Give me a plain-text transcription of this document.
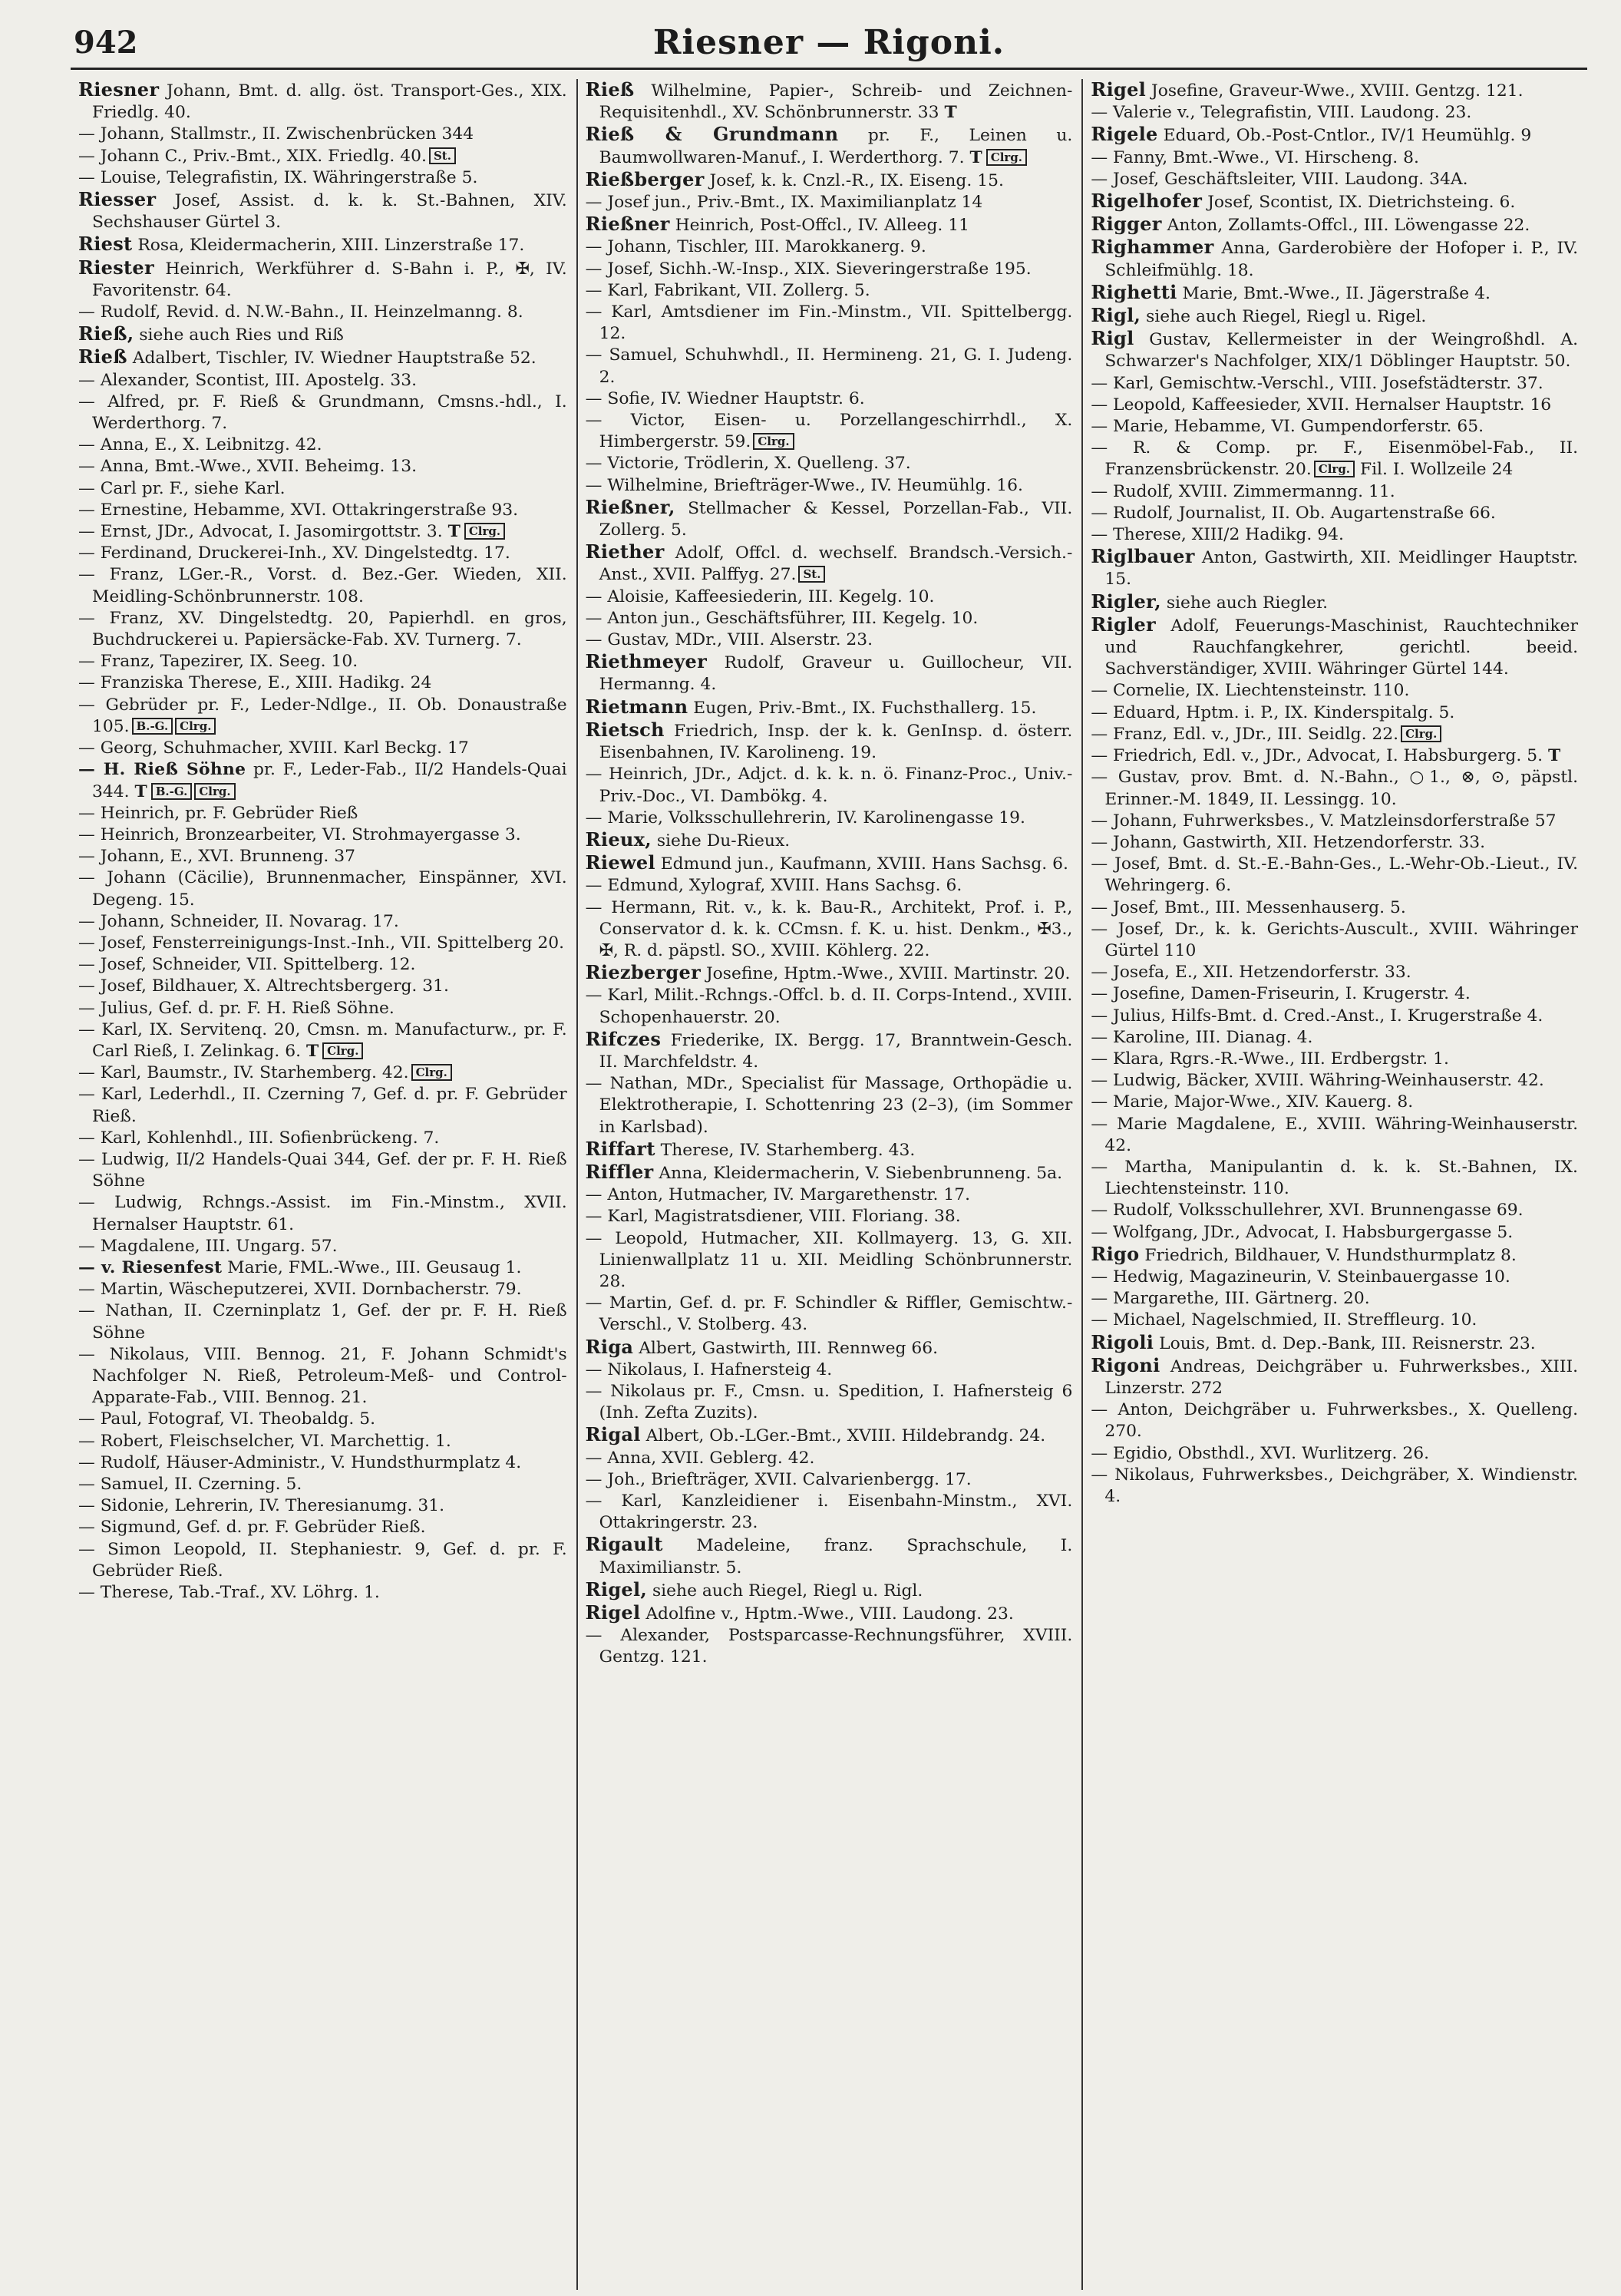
942	Riesner — Rigoni.

Riesner Johann, Bmt. d. allg. öst. Transport-Ges., XIX. Friedlg. 40.

— Johann, Stallmstr., II. Zwischenbrücken 344

— Johann C., Priv.-Bmt., XIX. Friedlg. 40. St.

— Louise, Telegrafistin, IX. Währingerstraße 5.

Riesser Josef, Assist. d. k. k. St.-Bahnen, XIV. Sechshauser Gürtel 3.

Riest Rosa, Kleidermacherin, XIII. Linzerstraße 17.

Riester Heinrich, Werkführer d. S-Bahn i. P., ✠, IV. Favoritenstr. 64.

— Rudolf, Revid. d. N.W.-Bahn., II. Heinzelmanng. 8.

Rieß, siehe auch Ries und Riß

Rieß Adalbert, Tischler, IV. Wiedner Hauptstraße 52.

— Alexander, Scontist, III. Apostelg. 33.

— Alfred, pr. F. Rieß & Grundmann, Cmsns.-hdl., I. Werderthorg. 7.

— Anna, E., X. Leibnitzg. 42.

— Anna, Bmt.-Wwe., XVII. Beheimg. 13.

— Carl pr. F., siehe Karl.

— Ernestine, Hebamme, XVI. Ottakringerstraße 93.

— Ernst, JDr., Advocat, I. Jasomirgottstr. 3. T Clrg.

— Ferdinand, Druckerei-Inh., XV. Dingelstedtg. 17.

— Franz, LGer.-R., Vorst. d. Bez.-Ger. Wieden, XII. Meidling-Schönbrunnerstr. 108.

— Franz, XV. Dingelstedtg. 20, Papierhdl. en gros, Buchdruckerei u. Papiersäcke-Fab. XV. Turnerg. 7.

— Franz, Tapezirer, IX. Seeg. 10.

— Franziska Therese, E., XIII. Hadikg. 24

— Gebrüder pr. F., Leder-Ndlge., II. Ob. Donaustraße 105. B.-G. Clrg.

— Georg, Schuhmacher, XVIII. Karl Beckg. 17

— H. Rieß Söhne pr. F., Leder-Fab., II/2 Handels-Quai 344. T B.-G. Clrg.

— Heinrich, pr. F. Gebrüder Rieß

— Heinrich, Bronzearbeiter, VI. Strohmayergasse 3.

— Johann, E., XVI. Brunneng. 37

— Johann (Cäcilie), Brunnenmacher, Einspänner, XVI. Degeng. 15.

— Johann, Schneider, II. Novarag. 17.

— Josef, Fensterreinigungs-Inst.-Inh., VII. Spittelberg 20.

— Josef, Schneider, VII. Spittelberg. 12.

— Josef, Bildhauer, X. Altrechtsbergerg. 31.

— Julius, Gef. d. pr. F. H. Rieß Söhne.

— Karl, IX. Servitenq. 20, Cmsn. m. Manufacturw., pr. F. Carl Rieß, I. Zelinkag. 6. T Clrg.

— Karl, Baumstr., IV. Starhemberg. 42. Clrg.

— Karl, Lederhdl., II. Czerning 7, Gef. d. pr. F. Gebrüder Rieß.

— Karl, Kohlenhdl., III. Sofienbrückeng. 7.

— Ludwig, II/2 Handels-Quai 344, Gef. der pr. F. H. Rieß Söhne

— Ludwig, Rchngs.-Assist. im Fin.-Minstm., XVII. Hernalser Hauptstr. 61.

— Magdalene, III. Ungarg. 57.

— v. Riesenfest Marie, FML.-Wwe., III. Geusaug 1.

— Martin, Wäscheputzerei, XVII. Dornbacherstr. 79.

— Nathan, II. Czerninplatz 1, Gef. der pr. F. H. Rieß Söhne

— Nikolaus, VIII. Bennog. 21, F. Johann Schmidt's Nachfolger N. Rieß, Petroleum-Meß- und Control-Apparate-Fab., VIII. Bennog. 21.

— Paul, Fotograf, VI. Theobaldg. 5.

— Robert, Fleischselcher, VI. Marchettig. 1.

— Rudolf, Häuser-Administr., V. Hundsthurmplatz 4.

— Samuel, II. Czerning. 5.

— Sidonie, Lehrerin, IV. Theresianumg. 31.

— Sigmund, Gef. d. pr. F. Gebrüder Rieß.

— Simon Leopold, II. Stephaniestr. 9, Gef. d. pr. F. Gebrüder Rieß.

— Therese, Tab.-Traf., XV. Löhrg. 1.

Rieß Wilhelmine, Papier-, Schreib- und Zeichnen-Requisitenhdl., XV. Schönbrunnerstr. 33 T

Rieß & Grundmann pr. F., Leinen u. Baumwollwaren-Manuf., I. Werderthorg. 7. T Clrg.

Rießberger Josef, k. k. Cnzl.-R., IX. Eiseng. 15.

— Josef jun., Priv.-Bmt., IX. Maximilianplatz 14

Rießner Heinrich, Post-Offcl., IV. Alleeg. 11

— Johann, Tischler, III. Marokkanerg. 9.

— Josef, Sichh.-W.-Insp., XIX. Sieveringerstraße 195.

— Karl, Fabrikant, VII. Zollerg. 5.

— Karl, Amtsdiener im Fin.-Minstm., VII. Spittelbergg. 12.

— Samuel, Schuhwhdl., II. Hermineng. 21, G. I. Judeng. 2.

— Sofie, IV. Wiedner Hauptstr. 6.

— Victor, Eisen- u. Porzellangeschirrhdl., X. Himbergerstr. 59. Clrg.

— Victorie, Trödlerin, X. Quelleng. 37.

— Wilhelmine, Briefträger-Wwe., IV. Heumühlg. 16.

Rießner, Stellmacher & Kessel, Porzellan-Fab., VII. Zollerg. 5.

Riether Adolf, Offcl. d. wechself. Brandsch.-Versich.-Anst., XVII. Palffyg. 27. St.

— Aloisie, Kaffeesiederin, III. Kegelg. 10.

— Anton jun., Geschäftsführer, III. Kegelg. 10.

— Gustav, MDr., VIII. Alserstr. 23.

Riethmeyer Rudolf, Graveur u. Guillocheur, VII. Hermanng. 4.

Rietmann Eugen, Priv.-Bmt., IX. Fuchsthallerg. 15.

Rietsch Friedrich, Insp. der k. k. GenInsp. d. österr. Eisenbahnen, IV. Karolineng. 19.

— Heinrich, JDr., Adjct. d. k. k. n. ö. Finanz-Proc., Univ.-Priv.-Doc., VI. Dambökg. 4.

— Marie, Volksschullehrerin, IV. Karolinengasse 19.

Rieux, siehe Du-Rieux.

Riewel Edmund jun., Kaufmann, XVIII. Hans Sachsg. 6.

— Edmund, Xylograf, XVIII. Hans Sachsg. 6.

— Hermann, Rit. v., k. k. Bau-R., Architekt, Prof. i. P., Conservator d. k. k. CCmsn. f. K. u. hist. Denkm., ✠3., ✠, R. d. päpstl. SO., XVIII. Köhlerg. 22.

Riezberger Josefine, Hptm.-Wwe., XVIII. Martinstr. 20.

— Karl, Milit.-Rchngs.-Offcl. b. d. II. Corps-Intend., XVIII. Schopenhauerstr. 20.

Rifczes Friederike, IX. Bergg. 17, Branntwein-Gesch. II. Marchfeldstr. 4.

— Nathan, MDr., Specialist für Massage, Orthopädie u. Elektrotherapie, I. Schottenring 23 (2–3), (im Sommer in Karlsbad).

Riffart Therese, IV. Starhemberg. 43.

Riffler Anna, Kleidermacherin, V. Siebenbrunneng. 5a.

— Anton, Hutmacher, IV. Margarethenstr. 17.

— Karl, Magistratsdiener, VIII. Floriang. 38.

— Leopold, Hutmacher, XII. Kollmayerg. 13, G. XII. Linienwallplatz 11 u. XII. Meidling Schönbrunnerstr. 28.

— Martin, Gef. d. pr. F. Schindler & Riffler, Gemischtw.-Verschl., V. Stolberg. 43.

Riga Albert, Gastwirth, III. Rennweg 66.

— Nikolaus, I. Hafnersteig 4.

— Nikolaus pr. F., Cmsn. u. Spedition, I. Hafnersteig 6 (Inh. Zefta Zuzits).

Rigal Albert, Ob.-LGer.-Bmt., XVIII. Hildebrandg. 24.

— Anna, XVII. Geblerg. 42.

— Joh., Briefträger, XVII. Calvarienbergg. 17.

— Karl, Kanzleidiener i. Eisenbahn-Minstm., XVI. Ottakringerstr. 23.

Rigault Madeleine, franz. Sprachschule, I. Maximilianstr. 5.

Rigel, siehe auch Riegel, Riegl u. Rigl.

Rigel Adolfine v., Hptm.-Wwe., VIII. Laudong. 23.

— Alexander, Postsparcasse-Rechnungsführer, XVIII. Gentzg. 121.

Rigel Josefine, Graveur-Wwe., XVIII. Gentzg. 121.

— Valerie v., Telegrafistin, VIII. Laudong. 23.

Rigele Eduard, Ob.-Post-Cntlor., IV/1 Heumühlg. 9

— Fanny, Bmt.-Wwe., VI. Hirscheng. 8.

— Josef, Geschäftsleiter, VIII. Laudong. 34A.

Rigelhofer Josef, Scontist, IX. Dietrichsteing. 6.

Rigger Anton, Zollamts-Offcl., III. Löwengasse 22.

Righammer Anna, Garderobière der Hofoper i. P., IV. Schleifmühlg. 18.

Righetti Marie, Bmt.-Wwe., II. Jägerstraße 4.

Rigl, siehe auch Riegel, Riegl u. Rigel.

Rigl Gustav, Kellermeister in der Weingroßhdl. A. Schwarzer's Nachfolger, XIX/1 Döblinger Hauptstr. 50.

— Karl, Gemischtw.-Verschl., VIII. Josefstädterstr. 37.

— Leopold, Kaffeesieder, XVII. Hernalser Hauptstr. 16

— Marie, Hebamme, VI. Gumpendorferstr. 65.

— R. & Comp. pr. F., Eisenmöbel-Fab., II. Franzensbrückenstr. 20. Clrg. Fil. I. Wollzeile 24

— Rudolf, XVIII. Zimmermanng. 11.

— Rudolf, Journalist, II. Ob. Augartenstraße 66.

— Therese, XIII/2 Hadikg. 94.

Riglbauer Anton, Gastwirth, XII. Meidlinger Hauptstr. 15.

Rigler, siehe auch Riegler.

Rigler Adolf, Feuerungs-Maschinist, Rauchtechniker und Rauchfangkehrer, gerichtl. beeid. Sachverständiger, XVIII. Währinger Gürtel 144.

— Cornelie, IX. Liechtensteinstr. 110.

— Eduard, Hptm. i. P., IX. Kinderspitalg. 5.

— Franz, Edl. v., JDr., III. Seidlg. 22. Clrg.

— Friedrich, Edl. v., JDr., Advocat, I. Habsburgerg. 5. T

— Gustav, prov. Bmt. d. N.-Bahn., ○1., ⊗, ⊙, päpstl. Erinner.-M. 1849, II. Lessingg. 10.

— Johann, Fuhrwerksbes., V. Matzleinsdorferstraße 57

— Johann, Gastwirth, XII. Hetzendorferstr. 33.

— Josef, Bmt. d. St.-E.-Bahn-Ges., L.-Wehr-Ob.-Lieut., IV. Wehringerg. 6.

— Josef, Bmt., III. Messenhauserg. 5.

— Josef, Dr., k. k. Gerichts-Auscult., XVIII. Währinger Gürtel 110

— Josefa, E., XII. Hetzendorferstr. 33.

— Josefine, Damen-Friseurin, I. Krugerstr. 4.

— Julius, Hilfs-Bmt. d. Cred.-Anst., I. Krugerstraße 4.

— Karoline, III. Dianag. 4.

— Klara, Rgrs.-R.-Wwe., III. Erdbergstr. 1.

— Ludwig, Bäcker, XVIII. Währing-Weinhauserstr. 42.

— Marie, Major-Wwe., XIV. Kauerg. 8.

— Marie Magdalene, E., XVIII. Währing-Weinhauserstr. 42.

— Martha, Manipulantin d. k. k. St.-Bahnen, IX. Liechtensteinstr. 110.

— Rudolf, Volksschullehrer, XVI. Brunnengasse 69.

— Wolfgang, JDr., Advocat, I. Habsburgergasse 5.

Rigo Friedrich, Bildhauer, V. Hundsthurmplatz 8.

— Hedwig, Magazineurin, V. Steinbauergasse 10.

— Margarethe, III. Gärtnerg. 20.

— Michael, Nagelschmied, II. Streffleurg. 10.

Rigoli Louis, Bmt. d. Dep.-Bank, III. Reisnerstr. 23.

Rigoni Andreas, Deichgräber u. Fuhrwerksbes., XIII. Linzerstr. 272

— Anton, Deichgräber u. Fuhrwerksbes., X. Quelleng. 270.

— Egidio, Obsthdl., XVI. Wurlitzerg. 26.

— Nikolaus, Fuhrwerksbes., Deichgräber, X. Windienstr. 4.
